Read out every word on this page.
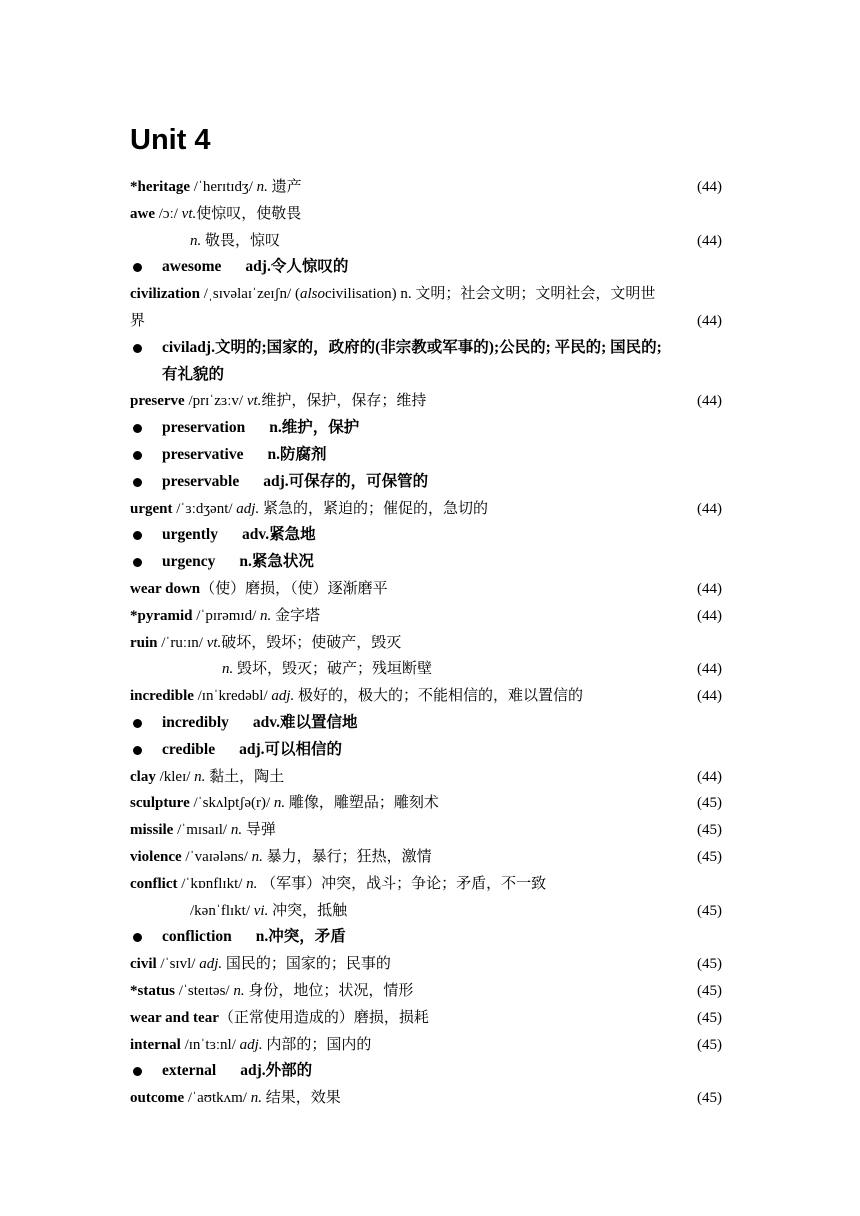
Unit 4
*heritage /ˈherɪtɪdʒ/ n. 遗产	(44)
awe /ɔː/ vt.使惊叹，使敬畏
n. 敬畏，惊叹	(44)
awesome adj.令人惊叹的
civilization /ˌsɪvəlaɪˈzeɪʃn/ (alsocivilisation) n. 文明；社会文明；文明社会，文明世
界	(44)
civiladj.文明的;国家的，政府的(非宗教或军事的);公民的; 平民的; 国民的;
有礼貌的
preserve /prɪˈzɜːv/ vt.维护，保护，保存；维持	(44)
preservation n.维护，保护
preservative n.防腐剂
preservable adj.可保存的，可保管的
urgent /ˈɜːdʒənt/ adj. 紧急的，紧迫的；催促的，急切的	(44)
urgently adv.紧急地
urgency n.紧急状况
wear down（使）磨损，（使）逐渐磨平	(44)
*pyramid /ˈpɪrəmɪd/ n. 金字塔	(44)
ruin /ˈruːɪn/ vt.破坏，毁坏；使破产，毁灭
n. 毁坏，毁灭；破产；残垣断壁	(44)
incredible /ɪnˈkredəbl/ adj. 极好的，极大的；不能相信的，难以置信的	(44)
incredibly adv.难以置信地
credible adj.可以相信的
clay /kleɪ/ n. 黏土，陶土	(44)
sculpture /ˈskʌlptʃə(r)/ n. 雕像，雕塑品；雕刻术	(45)
missile /ˈmɪsaɪl/ n. 导弹	(45)
violence /ˈvaɪələns/ n. 暴力，暴行；狂热，激情	(45)
conflict /ˈkɒnflɪkt/ n. （军事）冲突，战斗；争论；矛盾，不一致
/kənˈflɪkt/ vi. 冲突，抵触	(45)
confliction n.冲突，矛盾
civil /ˈsɪvl/ adj. 国民的；国家的；民事的	(45)
*status /ˈsteɪtəs/ n. 身份，地位；状况，情形	(45)
wear and tear（正常使用造成的）磨损，损耗	(45)
internal /ɪnˈtɜːnl/ adj. 内部的；国内的	(45)
external adj.外部的
outcome /ˈaʊtkʌm/ n. 结果，效果	(45)
